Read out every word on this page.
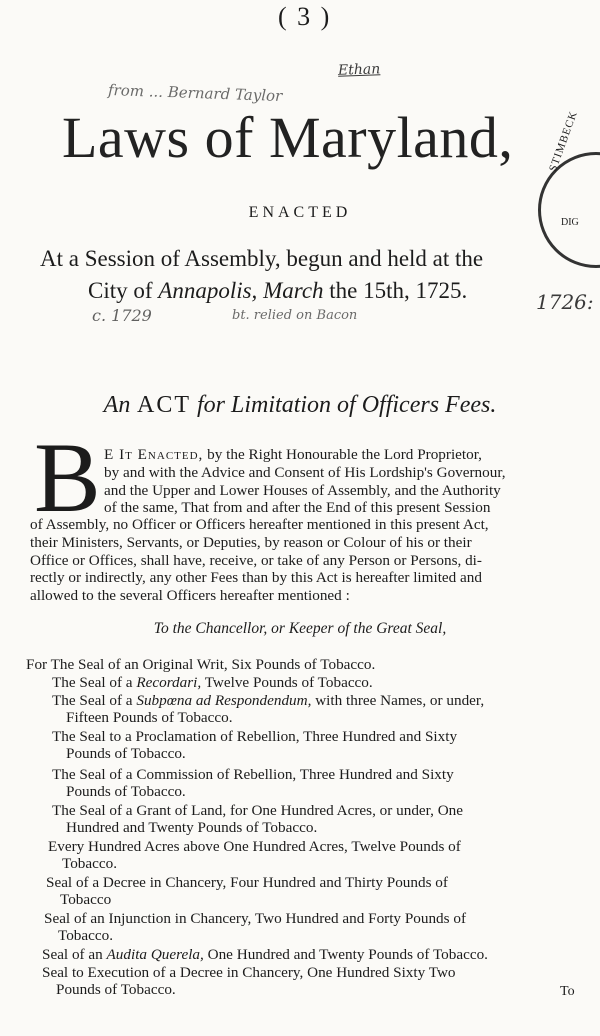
( 3 )
Ethan
from ... Bernard Taylor
Laws of Maryland,	STIMBECK
DIG
ENACTED
At a Session of Assembly, begun and held at the
City of Annapolis, March the 15th, 1725.	1726:
c. 1729	bt. relied on Bacon
An ACT for Limitation of Officers Fees.
B E It Enacted, by the Right Honourable the Lord Proprietor,
by and with the Advice and Consent of His Lordship's Governour,
and the Upper and Lower Houses of Assembly, and the Authority
of the same, That from and after the End of this present Session
of Assembly, no Officer or Officers hereafter mentioned in this present Act,
their Ministers, Servants, or Deputies, by reason or Colour of his or their
Office or Offices, shall have, receive, or take of any Person or Persons, di-
rectly or indirectly, any other Fees than by this Act is hereafter limited and
allowed to the several Officers hereafter mentioned :
To the Chancellor, or Keeper of the Great Seal,
For The Seal of an Original Writ, Six Pounds of Tobacco.
The Seal of a Recordari, Twelve Pounds of Tobacco.
The Seal of a Subpœna ad Respondendum, with three Names, or under,
Fifteen Pounds of Tobacco.
The Seal to a Proclamation of Rebellion, Three Hundred and Sixty
Pounds of Tobacco.
The Seal of a Commission of Rebellion, Three Hundred and Sixty
Pounds of Tobacco.
The Seal of a Grant of Land, for One Hundred Acres, or under, One
Hundred and Twenty Pounds of Tobacco.
Every Hundred Acres above One Hundred Acres, Twelve Pounds of
Tobacco.
Seal of a Decree in Chancery, Four Hundred and Thirty Pounds of
Tobacco
Seal of an Injunction in Chancery, Two Hundred and Forty Pounds of
Tobacco.
Seal of an Audita Querela, One Hundred and Twenty Pounds of Tobacco.
Seal to Execution of a Decree in Chancery, One Hundred Sixty Two
Pounds of Tobacco.	To
